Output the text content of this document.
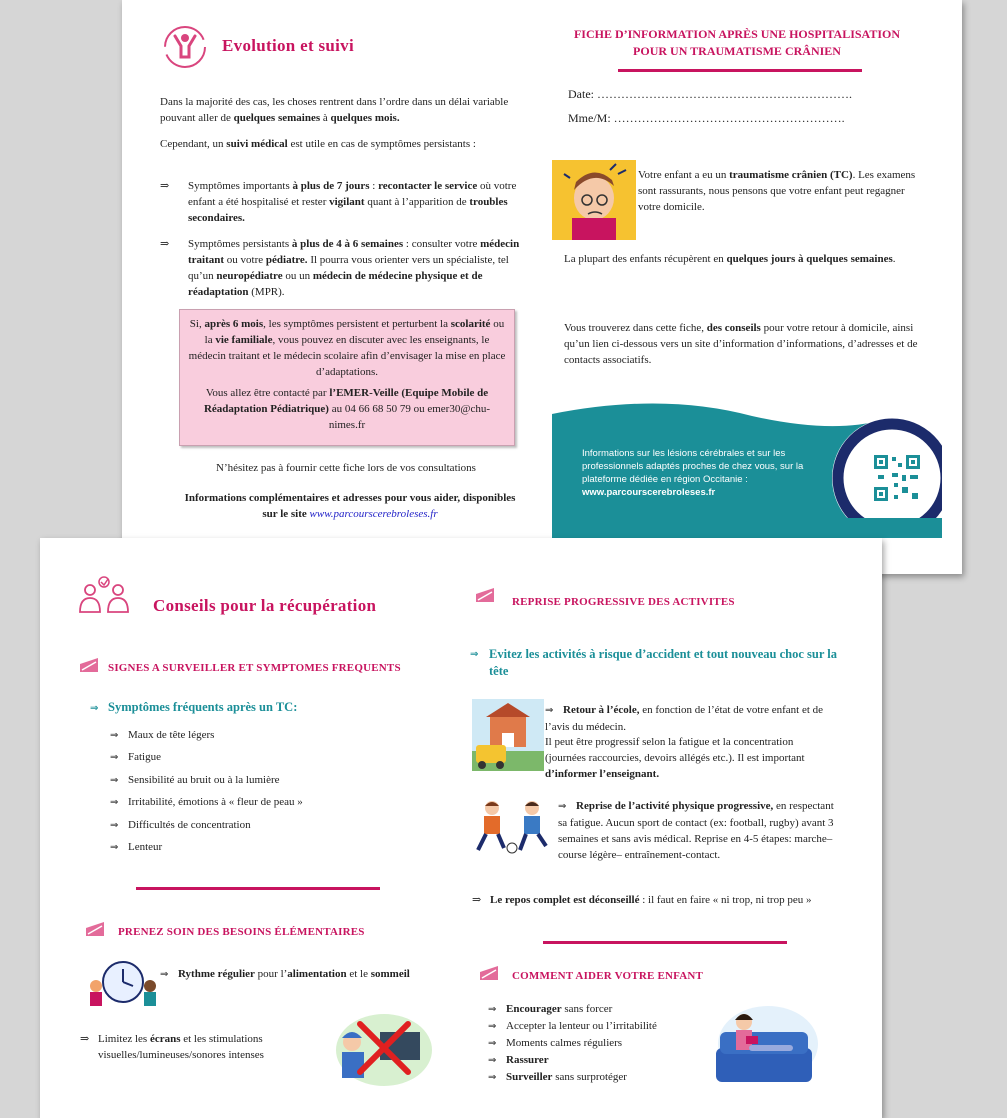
Evolution et suivi
Dans la majorité des cas, les choses rentrent dans l’ordre dans un délai variable pouvant aller de quelques semaines à quelques mois.
Cependant, un suivi médical est utile en cas de symptômes persistants :
⇒ Symptômes importants à plus de 7 jours : recontacter le service où votre enfant a été hospitalisé et rester vigilant quant à l’apparition de troubles secondaires.
⇒ Symptômes persistants à plus de 4 à 6 semaines : consulter votre médecin traitant ou votre pédiatre. Il pourra vous orienter vers un spécialiste, tel qu’un neuropédiatre ou un médecin de médecine physique et de réadaptation (MPR).
Si, après 6 mois, les symptômes persistent et perturbent la scolarité ou la vie familiale, vous pouvez en discuter avec les enseignants, le médecin traitant et le médecin scolaire afin d’envisager la mise en place d’adaptations.
Vous allez être contacté par l’EMER-Veille (Equipe Mobile de Réadaptation Pédiatrique) au 04 66 68 50 79 ou emer30@chu-nimes.fr
N’hésitez pas à fournir cette fiche lors de vos consultations
Informations complémentaires et adresses pour vous aider, disponibles sur le site www.parcourscerebroleses.fr
FICHE D’INFORMATION APRÈS UNE HOSPITALISATION
POUR UN TRAUMATISME CRÂNIEN
Date: ……………………………………………………….
Mme/M: ………………………………………………….
Votre enfant a eu un traumatisme crânien (TC). Les examens sont rassurants, nous pensons que votre enfant peut regagner votre domicile.
La plupart des enfants récupèrent en quelques jours à quelques semaines.
Vous trouverez dans cette fiche, des conseils pour votre retour à domicile, ainsi qu’un lien ci-dessous vers un site d’information d’informations, d’adresses et de contacts associatifs.
Informations sur les lésions cérébrales et sur les professionnels adaptés proches de chez vous, sur la plateforme dédiée en région Occitanie :
www.parcourscerebroleses.fr
Conseils pour la récupération
SIGNES A SURVEILLER ET SYMPTOMES FREQUENTS
⇒ Symptômes fréquents après un TC:
⇒ Maux de tête légers
⇒ Fatigue
⇒ Sensibilité au bruit ou à la lumière
⇒ Irritabilité, émotions à « fleur de peau »
⇒ Difficultés de concentration
⇒ Lenteur
PRENEZ SOIN DES BESOINS ÉLÉMENTAIRES
⇒ Rythme régulier pour l’alimentation et le sommeil
⇒ Limitez les écrans et les stimulations visuelles/lumineuses/sonores intenses
REPRISE PROGRESSIVE DES ACTIVITES
⇒ Evitez les activités à risque d’accident et tout nouveau choc sur la tête
⇒ Retour à l’école, en fonction de l’état de votre enfant et de l’avis du médecin.
Il peut être progressif selon la fatigue et la concentration (journées raccourcies, devoirs allégés etc.). Il est important d’informer l’enseignant.
⇒ Reprise de l’activité physique progressive, en respectant sa fatigue. Aucun sport de contact (ex: football, rugby) avant 3 semaines et sans avis médical. Reprise en 4-5 étapes: marche– course légère– entraînement-contact.
⇒ Le repos complet est déconseillé : il faut en faire « ni trop, ni trop peu »
COMMENT AIDER VOTRE ENFANT
⇒ Encourager sans forcer
⇒ Accepter la lenteur ou l’irritabilité
⇒ Moments calmes réguliers
⇒ Rassurer
⇒ Surveiller sans surprotéger
